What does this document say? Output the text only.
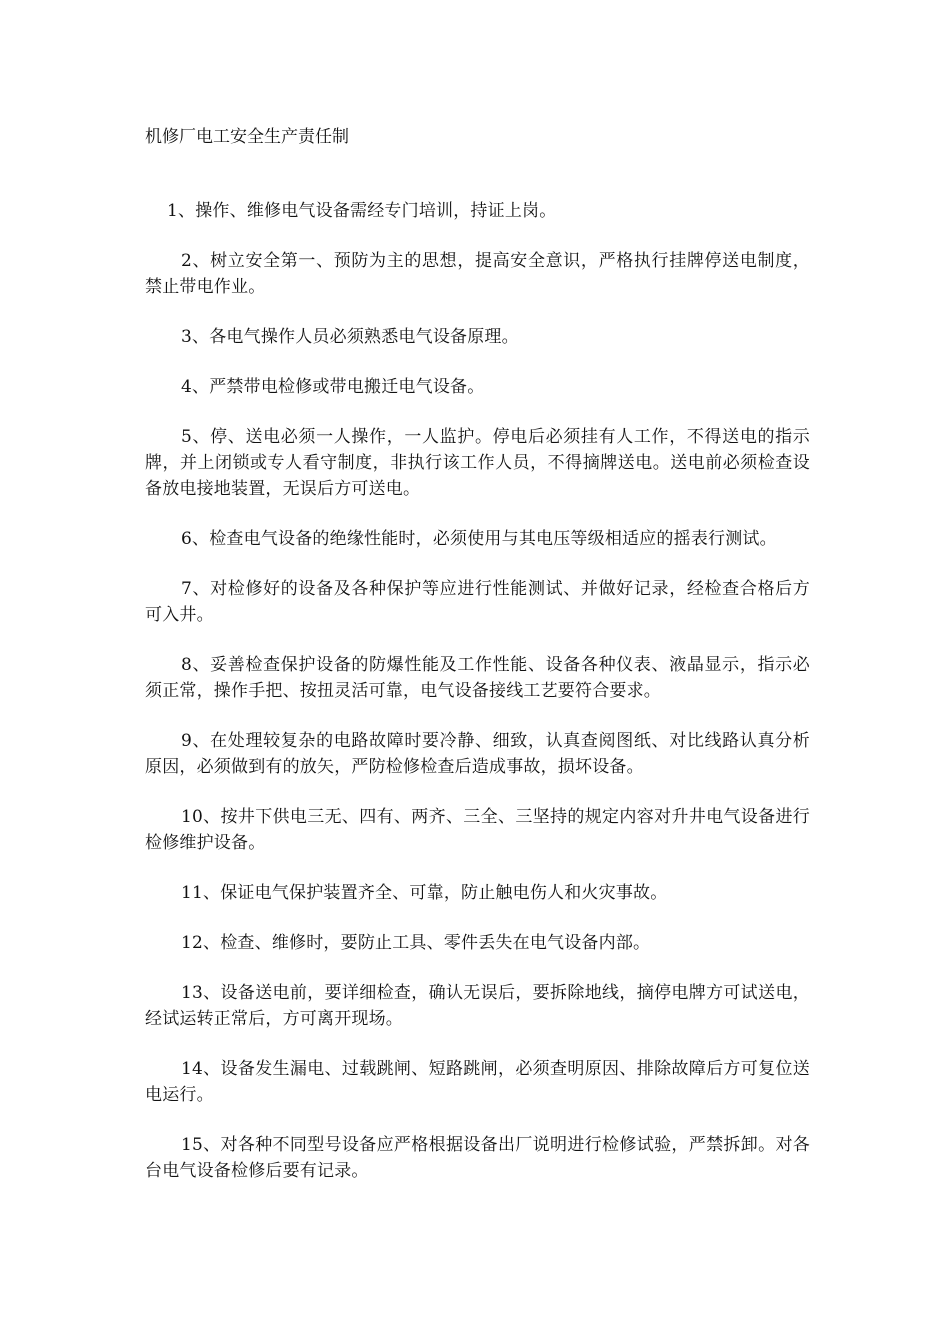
机修厂电工安全生产责任制
1、操作、维修电气设备需经专门培训，持证上岗。
2、树立安全第一、预防为主的思想，提高安全意识，严格执行挂牌停送电制度，禁止带电作业。
3、各电气操作人员必须熟悉电气设备原理。
4、严禁带电检修或带电搬迁电气设备。
5、停、送电必须一人操作，一人监护。停电后必须挂有人工作，不得送电的指示牌，并上闭锁或专人看守制度，非执行该工作人员，不得摘牌送电。送电前必须检查设备放电接地装置，无误后方可送电。
6、检查电气设备的绝缘性能时，必须使用与其电压等级相适应的摇表行测试。
7、对检修好的设备及各种保护等应进行性能测试、并做好记录，经检查合格后方可入井。
8、妥善检查保护设备的防爆性能及工作性能、设备各种仪表、液晶显示，指示必须正常，操作手把、按扭灵活可靠，电气设备接线工艺要符合要求。
9、在处理较复杂的电路故障时要冷静、细致，认真查阅图纸、对比线路认真分析原因，必须做到有的放矢，严防检修检查后造成事故，损坏设备。
10、按井下供电三无、四有、两齐、三全、三坚持的规定内容对升井电气设备进行检修维护设备。
11、保证电气保护装置齐全、可靠，防止触电伤人和火灾事故。
12、检查、维修时，要防止工具、零件丢失在电气设备内部。
13、设备送电前，要详细检查，确认无误后，要拆除地线，摘停电牌方可试送电，经试运转正常后，方可离开现场。
14、设备发生漏电、过载跳闸、短路跳闸，必须查明原因、排除故障后方可复位送电运行。
15、对各种不同型号设备应严格根据设备出厂说明进行检修试验，严禁拆卸。对各台电气设备检修后要有记录。
